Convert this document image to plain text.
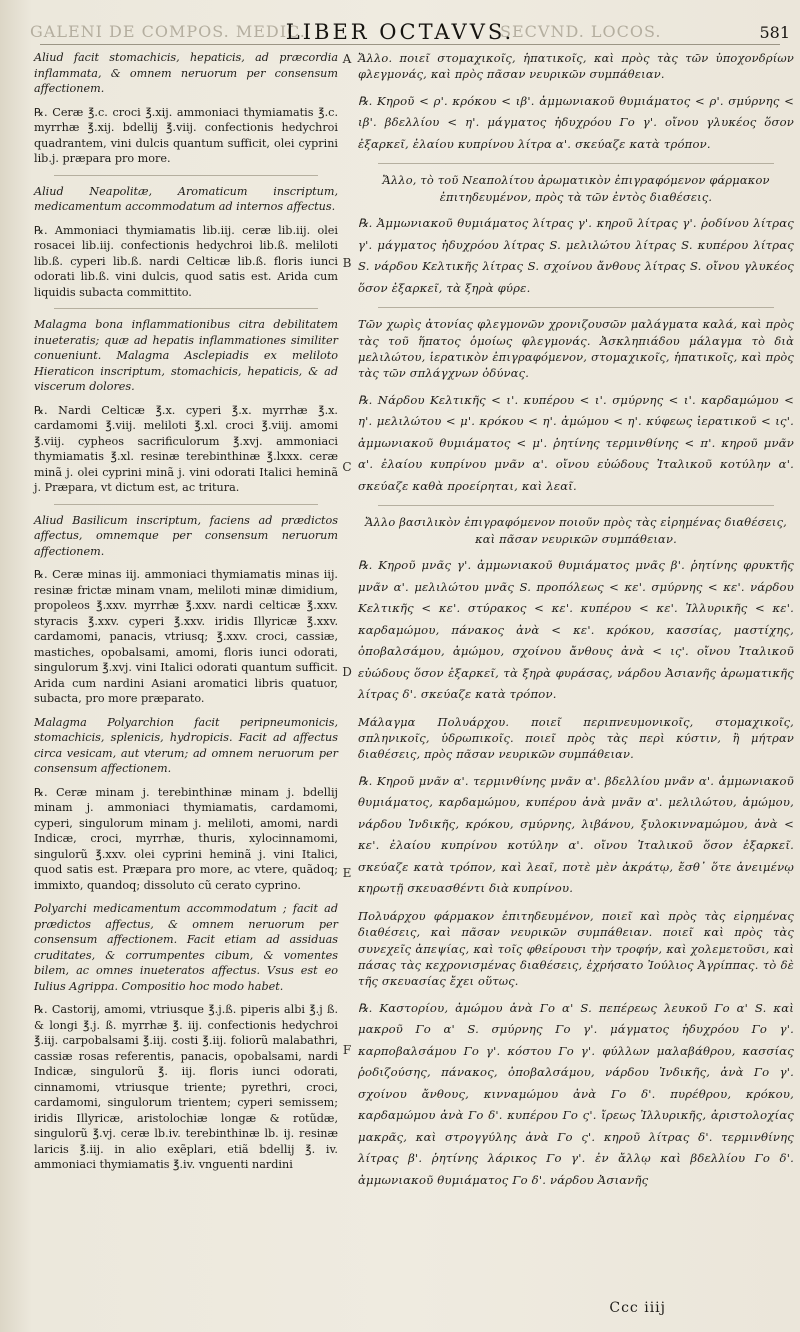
GALENI DE COMPOS. MEDIC.	SECVND. LOCOS.
LIBER OCTAVVS.	581
A
B
C
D
E
F

Aliud facit stomachicis, hepaticis, ad præcordia inflammata, & omnem neruorum per consensum affectionem.

℞. Ceræ ℥.c. croci ℥.xij. ammoniaci thymiamatis ℥.c. myrrhæ ℥.xij. bdellij ℥.viij. confectionis hedychroi quadrantem, vini dulcis quantum sufficit, olei cyprini lib.j. præpara pro more.

Aliud Neapolitæ, Aromaticum inscriptum, medicamentum accommodatum ad internos affectus.

℞. Ammoniaci thymiamatis lib.iij. ceræ lib.iij. olei rosacei lib.iij. confectionis hedychroi lib.ß. meliloti lib.ß. cyperi lib.ß. nardi Celticæ lib.ß. floris iunci odorati lib.ß. vini dulcis, quod satis est. Arida cum liquidis subacta committito.

Malagma bona inflammationibus citra debilitatem inueteratis; quæ ad hepatis inflammationes similiter conueniunt. Malagma Asclepiadis ex meliloto Hieraticon inscriptum, stomachicis, hepaticis, & ad viscerum dolores.

℞. Nardi Celticæ ℥.x. cyperi ℥.x. myrrhæ ℥.x. cardamomi ℥.viij. meliloti ℥.xl. croci ℥.viij. amomi ℥.viij. cypheos sacrificulorum ℥.xvj. ammoniaci thymiamatis ℥.xl. resinæ terebinthinæ ℥.lxxx. ceræ minã j. olei cyprini minã j. vini odorati Italici heminã j. Præpara, vt dictum est, ac tritura.

Aliud Basilicum inscriptum, faciens ad prædictos affectus, omnemque per consensum neruorum affectionem.

℞. Ceræ minas iij. ammoniaci thymiamatis minas iij. resinæ frictæ minam vnam, meliloti minæ dimidium, propoleos ℥.xxv. myrrhæ ℥.xxv. nardi celticæ ℥.xxv. styracis ℥.xxv. cyperi ℥.xxv. iridis Illyricæ ℥.xxv. cardamomi, panacis, vtriusq; ℥.xxv. croci, cassiæ, mastiches, opobalsami, amomi, floris iunci odorati, singulorum ℥.xvj. vini Italici odorati quantum sufficit. Arida cum nardini Asiani aromatici libris quatuor, subacta, pro more præparato.

Malagma Polyarchion facit peripneumonicis, stomachicis, splenicis, hydropicis. Facit ad affectus circa vesicam, aut vterum; ad omnem neruorum per consensum affectionem.

℞. Ceræ minam j. terebinthinæ minam j. bdellij minam j. ammoniaci thymiamatis, cardamomi, cyperi, singulorum minam j. meliloti, amomi, nardi Indicæ, croci, myrrhæ, thuris, xylocinnamomi, singulorũ ℥.xxv. olei cyprini heminã j. vini Italici, quod satis est. Præpara pro more, ac vtere, quãdoq; immixto, quandoq; dissoluto cũ cerato cyprino.

Polyarchi medicamentum accommodatum ; facit ad prædictos affectus, & omnem neruorum per consensum affectionem. Facit etiam ad assiduas cruditates, & corrumpentes cibum, & vomentes bilem, ac omnes inueteratos affectus. Vsus est eo Iulius Agrippa. Compositio hoc modo habet.

℞. Castorij, amomi, vtriusque ℥.j.ß. piperis albi ℥.j ß. & longi ℥.j. ß. myrrhæ ℥. iij. confectionis hedychroi ℥.iij. carpobalsami ℥.iij. costi ℥.iij. foliorũ malabathri, cassiæ rosas referentis, panacis, opobalsami, nardi Indicæ, singulorũ ℥. iij. floris iunci odorati, cinnamomi, vtriusque triente; pyrethri, croci, cardamomi, singulorum trientem; cyperi semissem; iridis Illyricæ, aristolochiæ longæ & rotũdæ, singulorũ ℥.vj. ceræ lb.iv. terebinthinæ lb. ij. resinæ laricis ℥.iij. in alio exẽplari, etiã bdellij ℥. iv. ammoniaci thymiamatis ℥.iv. vnguenti nardini

Ἄλλο. ποιεῖ στομαχικοῖς, ἡπατικοῖς, καὶ πρὸς τὰς τῶν ὑποχονδρίων φλεγμονάς, καὶ πρὸς πᾶσαν νευρικῶν συμπάθειαν.

℞. Κηροῦ < ρ'. κρόκου < ιβ'. ἀμμωνιακοῦ θυμιάματος < ρ'. σμύρνης < ιβ'. βδελλίου < η'. μάγματος ἡδυχρόου Γο γ'. οἴνου γλυκέος ὅσον ἐξαρκεῖ, ἐλαίου κυπρίνου λίτρα α'. σκεύαζε κατὰ τρόπον.

Ἄλλο, τὸ τοῦ Νεαπολίτου ἀρωματικὸν ἐπιγραφόμενον φάρμακον ἐπιτηδευμένον, πρὸς τὰ τῶν ἐντὸς διαθέσεις.

℞. Ἀμμωνιακοῦ θυμιάματος λίτρας γ'. κηροῦ λίτρας γ'. ῥοδίνου λίτρας γ'. μάγματος ἡδυχρόου λίτρας S. μελιλώτου λίτρας S. κυπέρου λίτρας S. νάρδου Κελτικῆς λίτρας S. σχοίνου ἄνθους λίτρας S. οἴνου γλυκέος ὅσον ἐξαρκεῖ, τὰ ξηρὰ φύρε.

Τῶν χωρὶς ἀτονίας φλεγμονῶν χρονιζουσῶν μαλάγματα καλά, καὶ πρὸς τὰς τοῦ ἥπατος ὁμοίως φλεγμονάς. Ἀσκληπιάδου μάλαγμα τὸ διὰ μελιλώτου, ἱερατικὸν ἐπιγραφόμενον, στομαχικοῖς, ἡπατικοῖς, καὶ πρὸς τὰς τῶν σπλάγχνων ὀδύνας.

℞. Νάρδου Κελτικῆς < ι'. κυπέρου < ι'. σμύρνης < ι'. καρδαμώμου < η'. μελιλώτου < μ'. κρόκου < η'. ἀμώμου < η'. κύφεως ἱερατικοῦ < ις'. ἀμμωνιακοῦ θυμιάματος < μ'. ῥητίνης τερμινθίνης < π'. κηροῦ μνᾶν α'. ἐλαίου κυπρίνου μνᾶν α'. οἴνου εὐώδους Ἰταλικοῦ κοτύλην α'. σκεύαζε καθὰ προείρηται, καὶ λεαῖ.

Ἄλλο βασιλικὸν ἐπιγραφόμενον ποιοῦν πρὸς τὰς εἰρημένας διαθέσεις, καὶ πᾶσαν νευρικῶν συμπάθειαν.

℞. Κηροῦ μνᾶς γ'. ἀμμωνιακοῦ θυμιάματος μνᾶς β'. ῥητίνης φρυκτῆς μνᾶν α'. μελιλώτου μνᾶς S. προπόλεως < κε'. σμύρνης < κε'. νάρδου Κελτικῆς < κε'. στύρακος < κε'. κυπέρου < κε'. Ἰλλυρικῆς < κε'. καρδαμώμου, πάνακος ἀνὰ < κε'. κρόκου, κασσίας, μαστίχης, ὀποβαλσάμου, ἀμώμου, σχοίνου ἄνθους ἀνὰ < ις'. οἴνου Ἰταλικοῦ εὐώδους ὅσον ἐξαρκεῖ, τὰ ξηρὰ φυράσας, νάρδου Ἀσιανῆς ἀρωματικῆς λίτρας δ'. σκεύαζε κατὰ τρόπον.

Μάλαγμα Πολυάρχου. ποιεῖ περιπνευμονικοῖς, στομαχικοῖς, σπληνικοῖς, ὑδρωπικοῖς. ποιεῖ πρὸς τὰς περὶ κύστιν, ἢ μήτραν διαθέσεις, πρὸς πᾶσαν νευρικῶν συμπάθειαν.

℞. Κηροῦ μνᾶν α'. τερμινθίνης μνᾶν α'. βδελλίου μνᾶν α'. ἀμμωνιακοῦ θυμιάματος, καρδαμώμου, κυπέρου ἀνὰ μνᾶν α'. μελιλώτου, ἀμώμου, νάρδου Ἰνδικῆς, κρόκου, σμύρνης, λιβάνου, ξυλοκινναμώμου, ἀνὰ < κε'. ἐλαίου κυπρίνου κοτύλην α'. οἴνου Ἰταλικοῦ ὅσον ἐξαρκεῖ. σκεύαζε κατὰ τρόπον, καὶ λεαῖ, ποτὲ μὲν ἀκράτῳ, ἔσθ᾽ ὅτε ἀνειμένῳ κηρωτῇ σκευασθέντι διὰ κυπρίνου.

Πολυάρχου φάρμακον ἐπιτηδευμένον, ποιεῖ καὶ πρὸς τὰς εἰρημένας διαθέσεις, καὶ πᾶσαν νευρικῶν συμπάθειαν. ποιεῖ καὶ πρὸς τὰς συνεχεῖς ἀπεψίας, καὶ τοῖς φθείρουσι τὴν τροφήν, καὶ χολεμετοῦσι, καὶ πάσας τὰς κεχρονισμένας διαθέσεις, ἐχρήσατο Ἰούλιος Ἀγρίππας. τὸ δὲ τῆς σκευασίας ἔχει οὕτως.

℞. Καστορίου, ἀμώμου ἀνὰ Γο α' S. πεπέρεως λευκοῦ Γο α' S. καὶ μακροῦ Γο α' S. σμύρνης Γο γ'. μάγματος ἡδυχρόου Γο γ'. καρποβαλσάμου Γο γ'. κόστου Γο γ'. φύλλων μαλαβάθρου, κασσίας ῥοδιζούσης, πάνακος, ὀποβαλσάμου, νάρδου Ἰνδικῆς, ἀνὰ Γο γ'. σχοίνου ἄνθους, κινναμώμου ἀνὰ Γο δ'. πυρέθρου, κρόκου, καρδαμώμου ἀνὰ Γο δ'. κυπέρου Γο ς'. ἴρεως Ἰλλυρικῆς, ἀριστολοχίας μακρᾶς, καὶ στρογγύλης ἀνὰ Γο ς'. κηροῦ λίτρας δ'. τερμινθίνης λίτρας β'. ῥητίνης λάρικος Γο γ'. ἐν ἄλλῳ καὶ βδελλίου Γο δ'. ἀμμωνιακοῦ θυμιάματος Γο δ'. νάρδου Ἀσιανῆς

Ccc iiij
